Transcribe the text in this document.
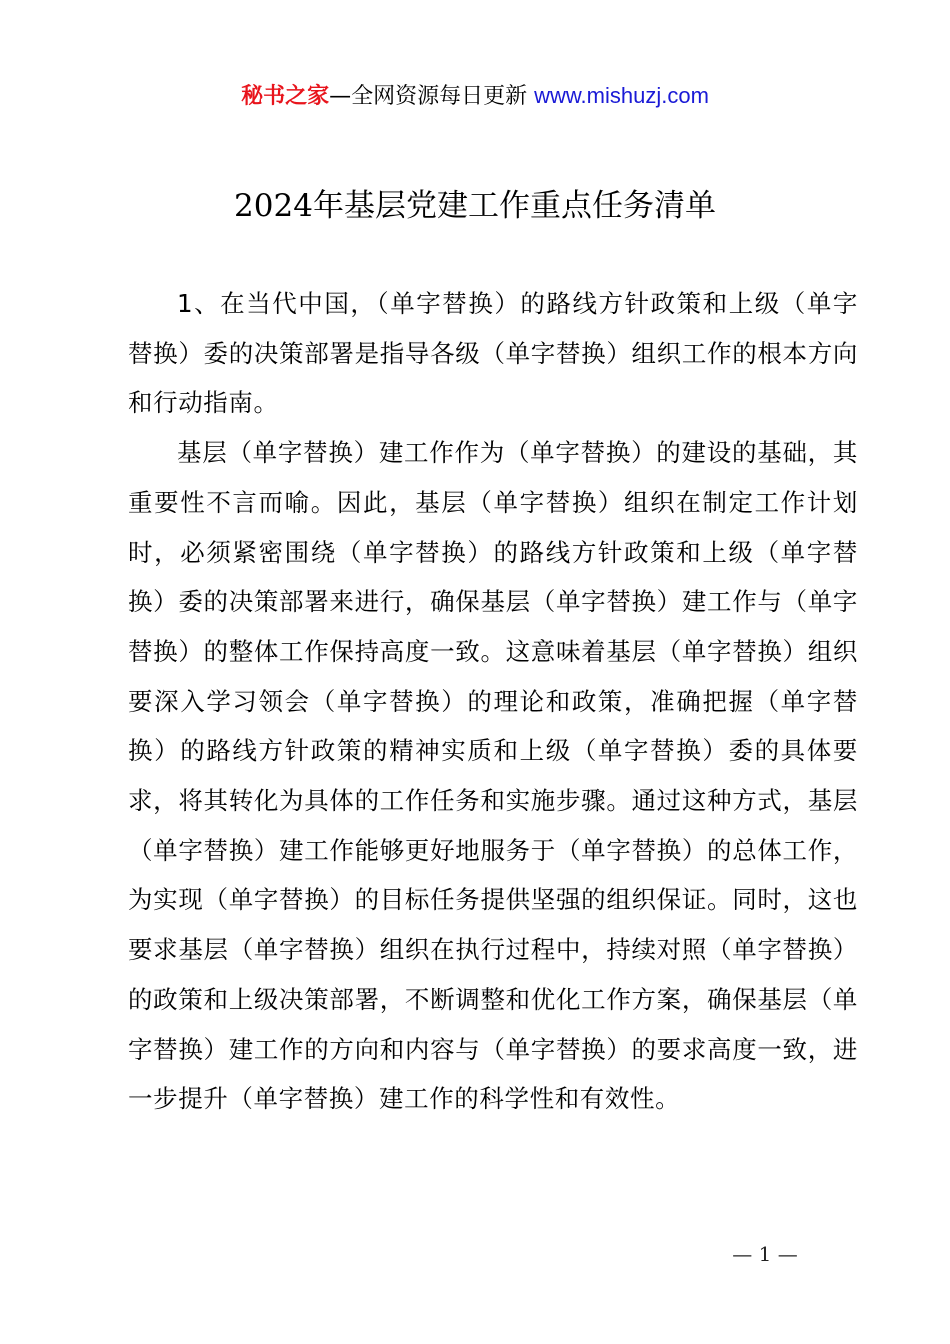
秘书之家—全网资源每日更新 www.mishuzj.com
2024年基层党建工作重点任务清单

1、在当代中国，（单字替换）的路线方针政策和上级（单字替换）委的决策部署是指导各级（单字替换）组织工作的根本方向和行动指南。

基层（单字替换）建工作作为（单字替换）的建设的基础，其重要性不言而喻。因此，基层（单字替换）组织在制定工作计划时，必须紧密围绕（单字替换）的路线方针政策和上级（单字替换）委的决策部署来进行，确保基层（单字替换）建工作与（单字替换）的整体工作保持高度一致。这意味着基层（单字替换）组织要深入学习领会（单字替换）的理论和政策，准确把握（单字替换）的路线方针政策的精神实质和上级（单字替换）委的具体要求，将其转化为具体的工作任务和实施步骤。通过这种方式，基层（单字替换）建工作能够更好地服务于（单字替换）的总体工作，为实现（单字替换）的目标任务提供坚强的组织保证。同时，这也要求基层（单字替换）组织在执行过程中，持续对照（单字替换）的政策和上级决策部署，不断调整和优化工作方案，确保基层（单字替换）建工作的方向和内容与（单字替换）的要求高度一致，进一步提升（单字替换）建工作的科学性和有效性。

— 1 —
